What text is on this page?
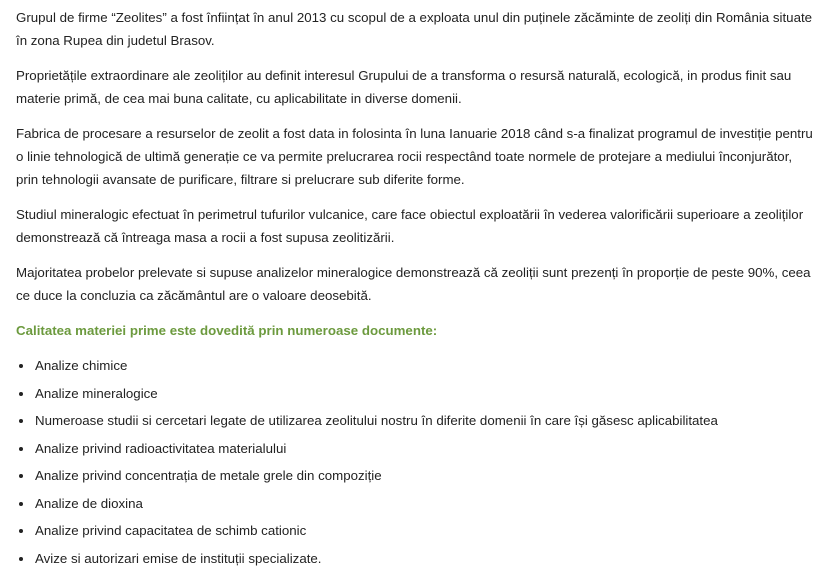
Grupul de firme “Zeolites” a fost înființat în anul 2013 cu scopul de a exploata unul din puținele zăcăminte de zeoliți din România situate în zona Rupea din judetul Brasov.

Proprietățile extraordinare ale zeoliților au definit interesul Grupului de a transforma o resursă naturală, ecologică, in produs finit sau materie primă, de cea mai buna calitate, cu aplicabilitate in diverse domenii.

Fabrica de procesare a resurselor de zeolit a fost data in folosinta în luna Ianuarie 2018 când s-a finalizat programul de investiție pentru o linie tehnologică de ultimă generație ce va permite prelucrarea rocii respectând toate normele de protejare a mediului înconjurător, prin tehnologii avansate de purificare, filtrare si prelucrare sub diferite forme.

Studiul mineralogic efectuat în perimetrul tufurilor vulcanice, care face obiectul exploatării în vederea valorificării superioare a zeoliților demonstrează că întreaga masa a rocii a fost supusa zeolitizării.

Majoritatea probelor prelevate si supuse analizelor mineralogice demonstrează că zeoliții sunt prezenți în proporție de peste 90%, ceea ce duce la concluzia ca zăcământul are o valoare deosebită.

Calitatea materiei prime este dovedită prin numeroase documente:
• Analize chimice
• Analize mineralogice
• Numeroase studii si cercetari legate de utilizarea zeolitului nostru în diferite domenii în care își găsesc aplicabilitatea
• Analize privind radioactivitatea materialului
• Analize privind concentrația de metale grele din compoziție
• Analize de dioxina
• Analize privind capacitatea de schimb cationic
• Avize si autorizari emise de instituții specializate.
